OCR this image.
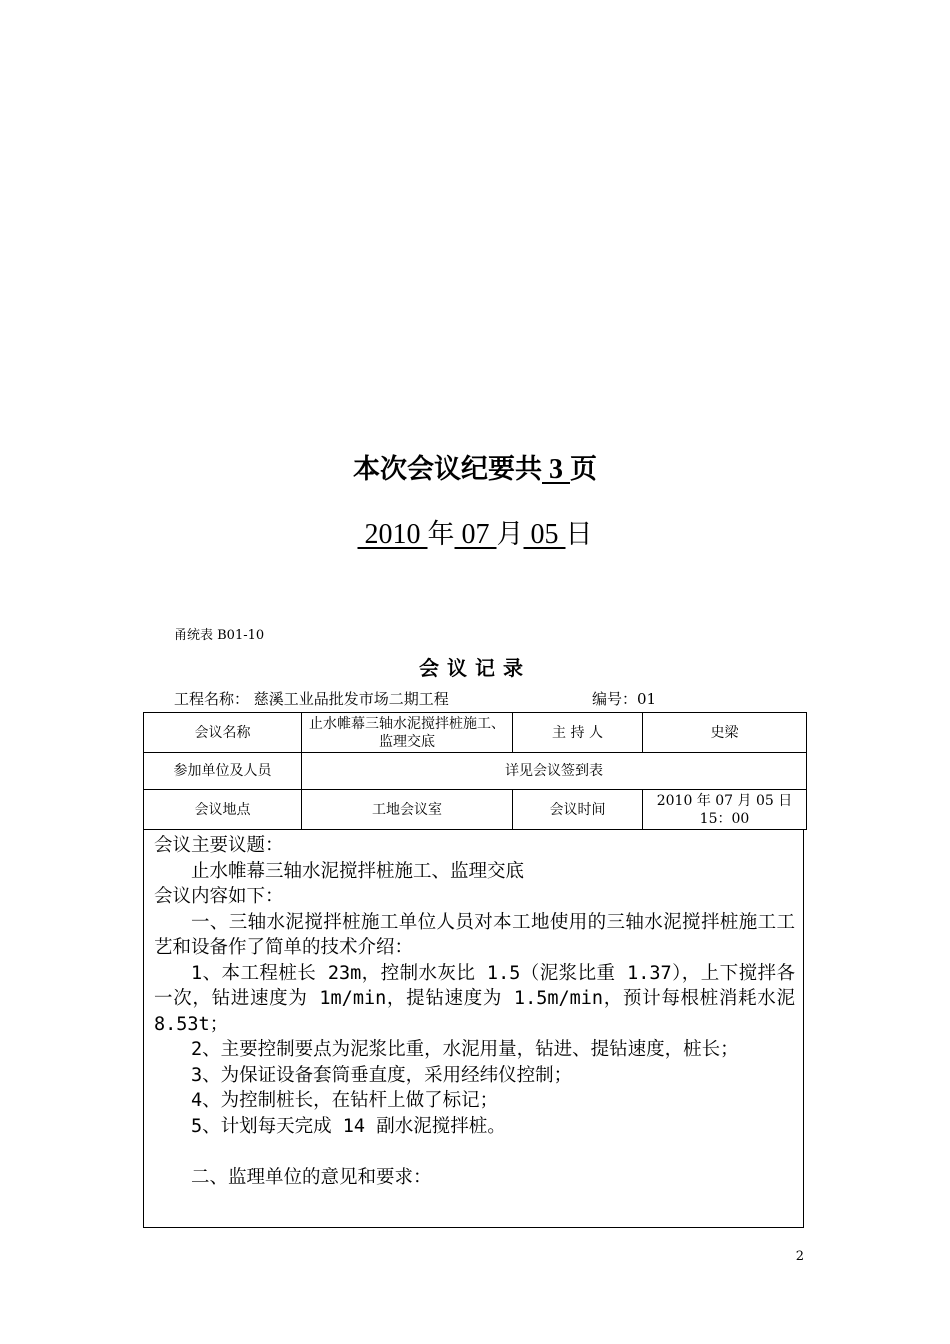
本次会议纪要共 3 页
2010 年 07 月 05 日
甬统表 B01-10
会议记录
工程名称： 慈溪工业品批发市场二期工程	编号：01
会议名称	止水帷幕三轴水泥搅拌桩施工、监理交底	主 持 人	史梁
参加单位及人员	详见会议签到表		
会议地点	工地会议室	会议时间	2010 年 07 月 05 日
15：00

会议主要议题：

止水帷幕三轴水泥搅拌桩施工、监理交底

会议内容如下：

一、三轴水泥搅拌桩施工单位人员对本工地使用的三轴水泥搅拌桩施工工艺和设备作了简单的技术介绍：

1、本工程桩长 23m，控制水灰比 1.5（泥浆比重 1.37），上下搅拌各一次，钻进速度为 1m/min，提钻速度为 1.5m/min，预计每根桩消耗水泥 8.53t；

2、主要控制要点为泥浆比重，水泥用量，钻进、提钻速度，桩长；

3、为保证设备套筒垂直度，采用经纬仪控制；

4、为控制桩长，在钻杆上做了标记；

5、计划每天完成 14 副水泥搅拌桩。

二、监理单位的意见和要求：

2
